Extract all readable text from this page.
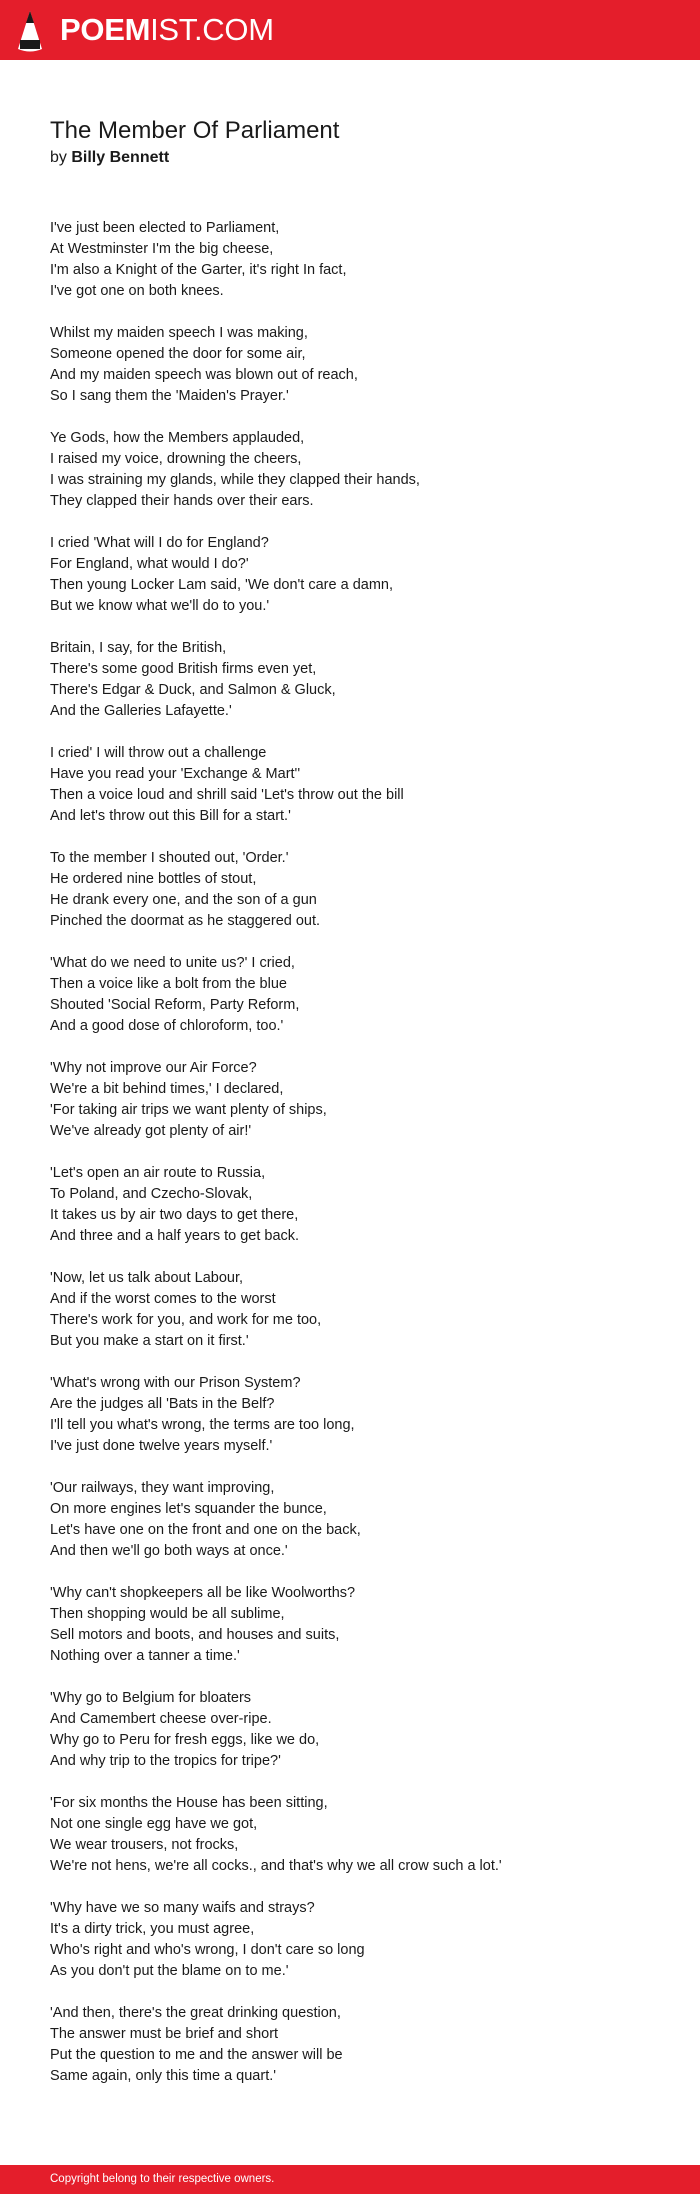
POEMIST.COM
The Member Of Parliament
by Billy Bennett
I've just been elected to Parliament,
At Westminster I'm the big cheese,
I'm also a Knight of the Garter, it's right In fact,
I've got one on both knees.
Whilst my maiden speech I was making,
Someone opened the door for some air,
And my maiden speech was blown out of reach,
So I sang them the 'Maiden's Prayer.'
Ye Gods, how the Members applauded,
I raised my voice, drowning the cheers,
I was straining my glands, while they clapped their hands,
They clapped their hands over their ears.
I cried 'What will I do for England?
For England, what would I do?'
Then young Locker Lam said, 'We don't care a damn,
But we know what we'll do to you.'
Britain, I say, for the British,
There's some good British firms even yet,
There's Edgar & Duck, and Salmon & Gluck,
And the Galleries Lafayette.'
I cried' I will throw out a challenge
Have you read your 'Exchange & Mart''
Then a voice loud and shrill said 'Let's throw out the bill
And let's throw out this Bill for a start.'
To the member I shouted out, 'Order.'
He ordered nine bottles of stout,
He drank every one, and the son of a gun
Pinched the doormat as he staggered out.
'What do we need to unite us?' I cried,
Then a voice like a bolt from the blue
Shouted 'Social Reform, Party Reform,
And a good dose of chloroform, too.'
'Why not improve our Air Force?
We're a bit behind times,' I declared,
'For taking air trips we want plenty of ships,
We've already got plenty of air!'
'Let's open an air route to Russia,
To Poland, and Czecho-Slovak,
It takes us by air two days to get there,
And three and a half years to get back.
'Now, let us talk about Labour,
And if the worst comes to the worst
There's work for you, and work for me too,
But you make a start on it first.'
'What's wrong with our Prison System?
Are the judges all 'Bats in the Belf?
I'll tell you what's wrong, the terms are too long,
I've just done twelve years myself.'
'Our railways, they want improving,
On more engines let's squander the bunce,
Let's have one on the front and one on the back,
And then we'll go both ways at once.'
'Why can't shopkeepers all be like Woolworths?
Then shopping would be all sublime,
Sell motors and boots, and houses and suits,
Nothing over a tanner a time.'
'Why go to Belgium for bloaters
And Camembert cheese over-ripe.
Why go to Peru for fresh eggs, like we do,
And why trip to the tropics for tripe?'
'For six months the House has been sitting,
Not one single egg have we got,
We wear trousers, not frocks,
We're not hens, we're all cocks., and that's why we all crow such a lot.'
'Why have we so many waifs and strays?
It's a dirty trick, you must agree,
Who's right and who's wrong, I don't care so long
As you don't put the blame on to me.'
'And then, there's the great drinking question,
The answer must be brief and short
Put the question to me and the answer will be
Same again, only this time a quart.'
Copyright belong to their respective owners.
